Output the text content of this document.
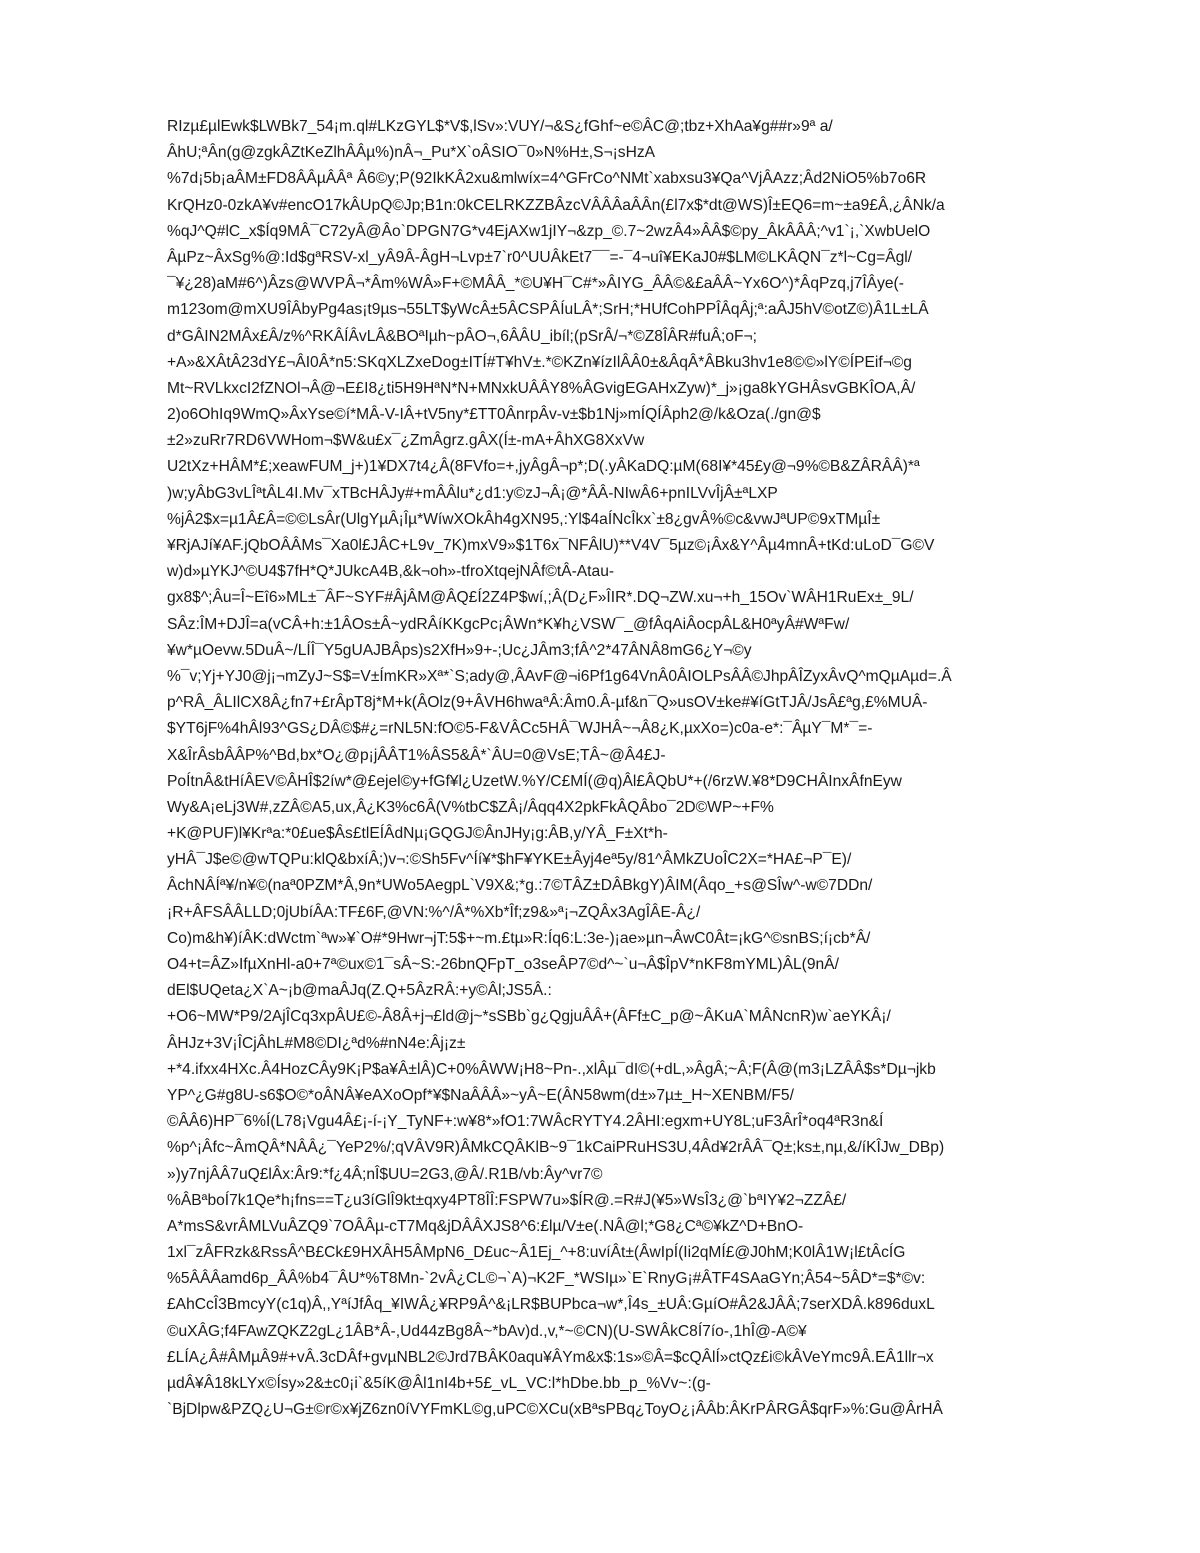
RIzµ£µlEwk$LWBk7_54¡m.ql#LKzGYL$*V$,lSv»:VUY/¬&S¿fGhf~e©ÂC@;tbz+XhAa¥g##r»9ª a/
ÂhU;ªÂn(g@zgkÂZtKeZlhÂÂµ%)nÂ¬_Pu*X`oÂSIO¯0»N%H±,S¬¡sHzA
%7d¡5b¡aÂM±FD8ÂÂµÂÂª Â6©y;P(92IkKÂ2xu&mlwíx=4^GFrCo^NMt`xabxsu3¥Qa^VjÂAzz;Âd2NiO5%b7o6R
KrQHz0-0zkA¥v#encO17kÂUpQ©Jp;B1n:0kCELRKZZBÂzcVÂÂÂaÂÂn(£l7x$*dt@WS)Î±EQ6=m~±a9£Â,¿ÂNk/a
%qJ^Q#lC_x$Íq9MÂ¯C72yÂ@Âo`DPGN7G*v4EjAXw1jIY¬&zp_©.7~2wzÂ4»ÂÂ$©py_ÂkÂÂÂ;^v1`¡,`XwbUelO
ÂµPz~ÂxSg%@:Id$gªRSV-xl_yÂ9Â-ÂgH¬Lvp±7`r0^UUÂkEt7¯¯=-¯4¬uî¥EKaJ0#$LM©LKÂQN¯z*l~Cg=Âgl/
¯¥¿28)aM#6^)Âzs@WVPÂ¬*Âm%WÂ»F+©MÂÂ_*©U¥H¯C#*»ÂIYG_ÂÂ©&£aÂÂ~Yx6O^)*ÂqPzq,j7ÎÂye(-
m123om@mXU9ÎÂbyPg4as¡t9µs¬55LT$yWcÂ±5ÂCSPÂÍuLÂ*;SrH;*HUfCohPPÎÂqÂj;ª:aÂJ5hV©otZ©)Â1L±LÂ
d*GÂIN2MÂx£Â/z%^RKÂÍÂvLÂ&BOªIµh~pÂO¬,6ÂÂU_ibíl;(pSrÂ/¬*©Z8ÎÂR#fuÂ;oF¬;
+A»&XÂtÂ23dY£¬ÂI0Â*n5:SKqXLZxeDog±ITÍ#T¥hV±.*©KZn¥ízIlÂÂ0±&ÂqÂ*ÂBku3hv1e8©©»lY©ÍPEif¬©g
Mt~RVLkxcI2fZNOl¬Â@¬E£I8¿ti5H9HªN*N+MNxkUÂÂY8%ÂGvigEGAHxZyw)*_j»¡ga8kYGHÂsvGBKÎOA,Â/
2)o6OhIq9WmQ»ÂxYse©í*MÂ-V-IÂ+tV5ny*£TT0ÂnrpÂv-v±$b1Nj»mÍQÍÂph2@/k&Oza(./gn@$
±2»zuRr7RD6VWHom¬$W&u£x¯¿ZmÂgrz.gÂX(Í±-mA+ÂhXG8XxVw
U2tXz+HÂM*£;xeawFUM_j+)1¥DX7t4¿Â(8FVfo=+,jyÂgÂ¬p*;D(.yÂKaDQ:µM(68I¥*45£y@¬9%©B&ZÂRÂÂ)*ª
)w;yÂbG3vLÎªtÂL4I.Mv¯xTBcHÂJy#+mÂÂlu*¿d1:y©zJ¬Â¡@*ÂÂ-NIwÂ6+pnILVvÎjÂ±ªLXP
%jÂ2$x=µ1Â£Â=©©LsÂr(UlgYµÂ¡Îµ*WíwXOkÂh4gXN95,:Yl$4aÍNcÎkx`±8¿gvÂ%©c&vwJªUP©9xTMµÎ±
¥RjAJí¥AF.jQbOÂÂMs¯Xa0l£JÂC+L9v_7K)mxV9»$1T6x¯NFÂlU)**V4V¯5µz©¡Âx&Y^Âµ4mnÂ+tKd:uLoD¯G©V
w)d»µYKJ^©U4$7fH*Q*JUkcA4B,&k¬oh»-tfroXtqejNÂf©tÂ-Atau-
gx8$^;Âu=Î~Eî6»ML±¯ÂF~SYF#ÂjÂM@ÂQ£Í2Z4P$wí,;Â(D¿F»ÎIR*.DQ¬ZW.xu¬+h_15Ov`WÂH1RuEx±_9L/
SÂz:ÎM+DJÎ=a(vCÂ+h:±1ÂOs±Â~ydRÂíKKgcPc¡ÂWn*K¥h¿VSW¯_@fÂqAiÂocpÂL&H0ªyÂ#WªFw/
¥w*µOevw.5DuÂ~/LÍÎ¯Y5gUAJBÂps)s2XfH»9+-;Uc¿JÂm3;fÂ^2*47ÂNÂ8mG6¿Y¬©y
%¯v;Yj+YJ0@j¡¬mZyJ~S$=V±ÍmKR»Xª*`S;ady@,ÂAvF@¬i6Pf1g64VnÂ0ÂIOLPsÂÂ©JhpÂÎZyxÂvQ^mQµAµd=.Â
p^RÂ_ÂLIlCX8Â¿fn7+£rÂpT8j*M+k(ÂOlz(9+ÂVH6hwaªÂ:Âm0.Â-µf&n¯Q»usOV±ke#¥íGtTJÂ/JsÂ£ªg,£%MUÂ-
$YT6jF%4hÂl93^GS¿DÂ©$#¿=rNL5N:fO©5-F&VÂCc5HÂ¯WJHÂ~¬Â8¿K,µxXo=)c0a-e*:¯ÂµY¯M*¯=-
X&ÎrÂsbÂÂP%^Bd,bx*O¿@p¡jÂÂT1%ÂS5&Â*`ÂU=0@VsE;TÂ~@Â4£J-
PoÍtnÂ&tHíÂEV©ÂHÎ$2íw*@£ejel©y+fGf¥l¿UzetW.%Y/C£MÍ(@q)Âl£ÂQbU*+(/6rzW.¥8*D9CHÂInxÂfnEyw
Wy&A¡eLj3W#,zZÂ©A5,ux,Â¿K3%c6Â(V%tbC$ZÂ¡/Âqq4X2pkFkÂQÂbo¯2D©WP~+F%
+K@PUF)l¥Krªa:*0£ue$Âs£tlEÍÂdNµ¡GQGJ©ÂnJHy¡g:ÂB,y/YÂ_F±Xt*h-
yHÂ¯J$e©@wTQPu:klQ&bxíÂ;)v¬:©Sh5Fv^Íí¥*$hF¥YKE±Âyj4eª5y/81^ÂMkZUoÎC2X=*HA£¬P¯E)/
ÂchNÂÍª¥/n¥©(naª0PZM*Â,9n*UWo5AegpL`V9X&;*g.:7©TÂZ±DÂBkgY)ÂIM(Âqo_+s@SÎw^-w©7DDn/
¡R+ÂFSÂÂLLD;0jUbíÂA:TF£6F,@VN:%^/Â*%Xb*Îf;z9&»ª¡¬ZQÂx3AgÎÂE-Â¿/
Co)m&h¥)íÂK:dWctm`ªw»¥`O#*9Hwr¬jT:5$+~m.£tµ»R:Íq6:L:3e-)¡ae»µn¬ÂwC0Ât=¡kG^©snBS;í¡cb*Â/
O4+t=ÂZ»IfµXnHl-a0+7ª©ux©1¯sÂ~S:-26bnQFpT_o3seÂP7©d^~`u¬Â$ÎpV*nKF8mYML)ÂL(9nÂ/
dEl$UQeta¿X`A~¡b@maÂJq(Z.Q+5ÂzRÂ:+y©Âl;JS5Â.:
+O6~MW*P9/2AjÎCq3xpÂU£©-Â8Â+j¬£ld@j~*sSBb`g¿QgjuÂÂ+(ÂFf±C_p@~ÂKuA`MÂNcnR)w`aeYKÂ¡/
ÂHJz+3V¡ÎCjÂhL#M8©DI¿ªd%#nN4e:Âj¡z±
+*4.ifxx4HXc.Â4HozCÂy9K¡P$a¥Â±lÂ)C+0%ÂWW¡H8~Pn-.,xlÂµ¯dI©(+dL,»ÂgÂ;~Â;F(Â@(m3¡LZÂÂ$s*Dµ¬jkb
YP^¿G#g8U-s6$O©*oÂNÂ¥eAXoOpf*¥$NaÂÂÂ»~yÂ~E(ÂN58wm(d±»7µ±_H~XENBM/F5/
©ÂÂ6)HP¯6%Í(L78¡Vgu4Â£¡-í-¡Y_TyNF+:w¥8*»fO1:7WÂcRYTY4.2ÂHI:egxm+UY8L;uF3ÂrÎ*oq4ªR3n&Í
%p^¡Âfc~ÂmQÂ*NÂÂ¿¯YeP2%/;qVÂV9R)ÂMkCQÂKlB~9¯1kCaiPRuHS3U,4Âd¥2rÂÂ¯Q±;ks±,nµ,&/íKÎJw_DBp)
»)y7njÂÂ7uQ£lÂx:Âr9:*f¿4Â;nÎ$UU=2G3,@Â/.R1B/vb:Ây^vr7©
%ÂBªboÍ7k1Qe*h¡fns==T¿u3íGlÎ9kt±qxy4PT8ÎÎ:FSPW7u»$ÍR@.=R#J(¥5»WsÎ3¿@`bªIY¥2¬ZZÂ£/
A*msS&vrÂMLVuÂZQ9`7OÂÂµ-cT7Mq&jDÂÂXJS8^6:£lµ/V±e(.NÂ@l;*G8¿Cª©¥kZ^D+BnO-
1xl¯zÂFRzk&RssÂ^B£Ck£9HXÂH5ÂMpN6_D£uc~Â1Ej_^+8:uvíÂt±(ÂwIpÍ(Ii2qMÍ£@J0hM;K0lÂ1W¡l£tÂcÍG
%5ÂÂÂamd6p_ÂÂ%b4¯ÂU*%T8Mn-`2vÂ¿CL©¬`A)¬K2F_*WSIµ»`E`RnyG¡#ÂTF4SAaGYn;Â54~5ÂD*=$*©v:
£AhCcÎ3BmcyY(c1q)Â,,YªíJfÂq_¥IWÂ¿¥RP9Â^&¡LR$BUPbca¬w*,Î4s_±UÂ:GµíO#Â2&JÂÂ;7serXDÂ.k896duxL
©uXÂG;f4FAwZQKZ2gL¿1ÂB*Â-,Ud44zBg8Â~*bAv)d.,v,*~©CN)(U-SWÂkC8Í7ío-,1hÎ@-A©¥
£LÍA¿Â#ÂMµÂ9#+vÂ.3cDÂf+gvµNBL2©Jrd7BÂK0aqu¥ÂYm&x$:1s»©Â=$cQÂlÍ»ctQz£i©kÂVeYmc9Â.EÂ1llr¬x
µdÂ¥Â18kLYx©Ísy»2&±c0¡i`&5íK@Âl1nI4b+5£_vL_VC:l*hDbe.bb_p_%Vv~:(g-
`BjDlpw&PZQ¿U¬G±©r©x¥jZ6zn0íVYFmKL©g,uPC©XCu(xBªsPBq¿ToyO¿¡ÂÂb:ÂKrPÂRGÂ$qrF»%:Gu@ÂrHÂ
